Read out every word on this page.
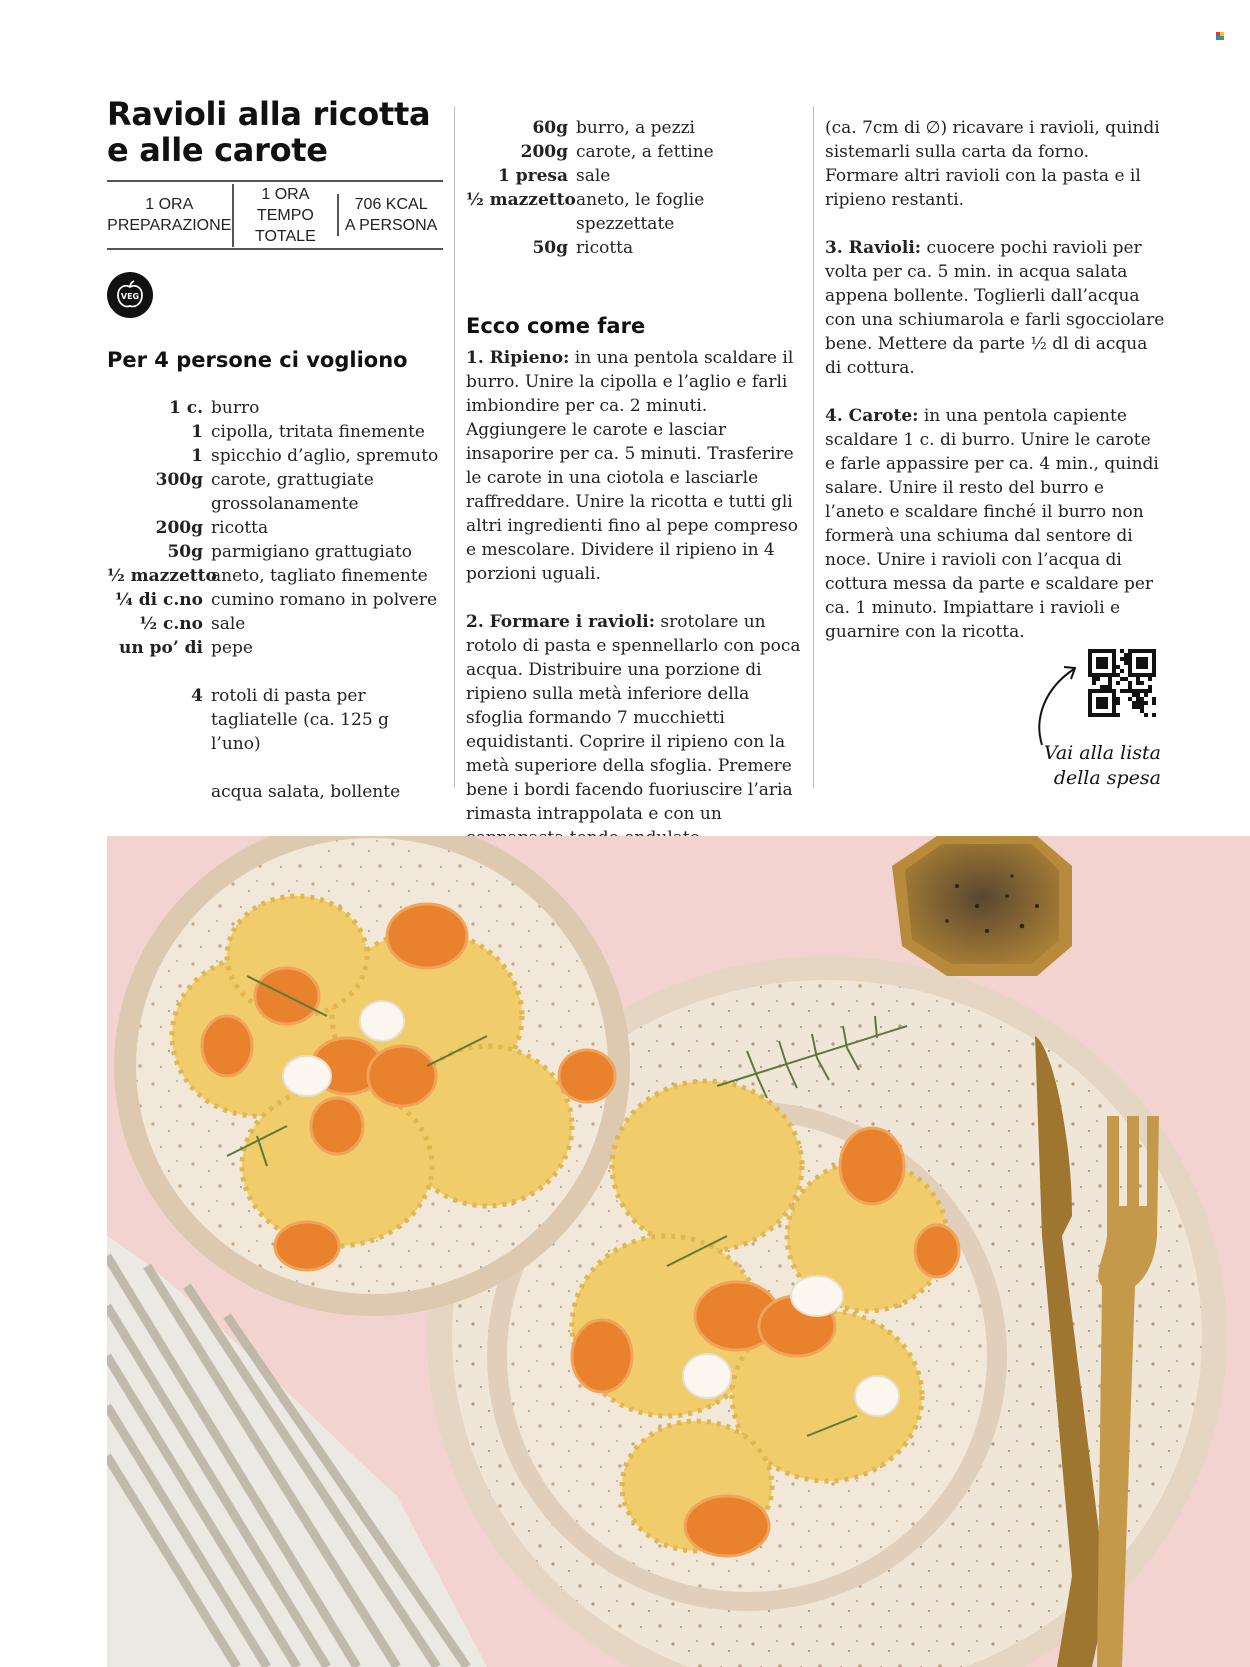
Ravioli alla ricotta
e alle carote
1 ORA
PREPARAZIONE
1 ORA
TEMPO TOTALE
706 KCAL
A PERSONA
VEG
Per 4 persone ci vogliono
1 c. burro
1 cipolla, tritata finemente
1 spicchio d’aglio, spremuto
300g carote, grattugiate grossolanamente
200g ricotta
50g parmigiano grattugiato
½ mazzetto
aneto, tagliato finemente
¼ di c.no cumino romano in polvere
½ c.no sale
un po’ di pepe
4 rotoli di pasta per tagliatelle (ca. 125 g l’uno)
acqua salata, bollente
60g burro, a pezzi
200g carote, a fettine
1 presa sale
½ mazzetto aneto, le foglie spezzettate
50g ricotta
Ecco come fare

1. Ripieno: in una pentola scaldare il burro. Unire la cipolla e l’aglio e farli imbiondire per ca. 2 minuti. Aggiungere le carote e lasciar insaporire per ca. 5 minuti. Trasferire le carote in una ciotola e lasciarle raffreddare. Unire la ricotta e tutti gli altri ingredienti fino al pepe compreso e mescolare. Dividere il ripieno in 4 porzioni uguali.

2. Formare i ravioli: srotolare un rotolo di pasta e spennellarlo con poca acqua. Distribuire una porzione di ripieno sulla metà inferiore della sfoglia formando 7 mucchietti equidistanti. Coprire il ripieno con la metà superiore della sfoglia. Premere bene i bordi facendo fuoriuscire l’aria rimasta intrappolata e con un

(ca. 7cm di ∅) ricavare i ravioli, quindi sistemarli sulla carta da forno. Formare altri ravioli con la pasta e il ripieno restanti.

3. Ravioli: cuocere pochi ravioli per volta per ca. 5 min. in acqua salata appena bollente. Toglierli dall’acqua con una schiumarola e farli sgocciolare bene. Mettere da parte ½ dl di acqua di cottura.

4. Carote: in una pentola capiente scaldare 1 c. di burro. Unire le carote e farle appassire per ca. 4 min., quindi salare. Unire il resto del burro e l’aneto e scaldare finché il burro non formerà una schiuma dal sentore di noce. Unire i ravioli con l’acqua di cottura messa da parte e scaldare per ca. 1 minuto. Impiattare i ravioli e guarnire con la ricotta.

Vai alla lista
della spesa
